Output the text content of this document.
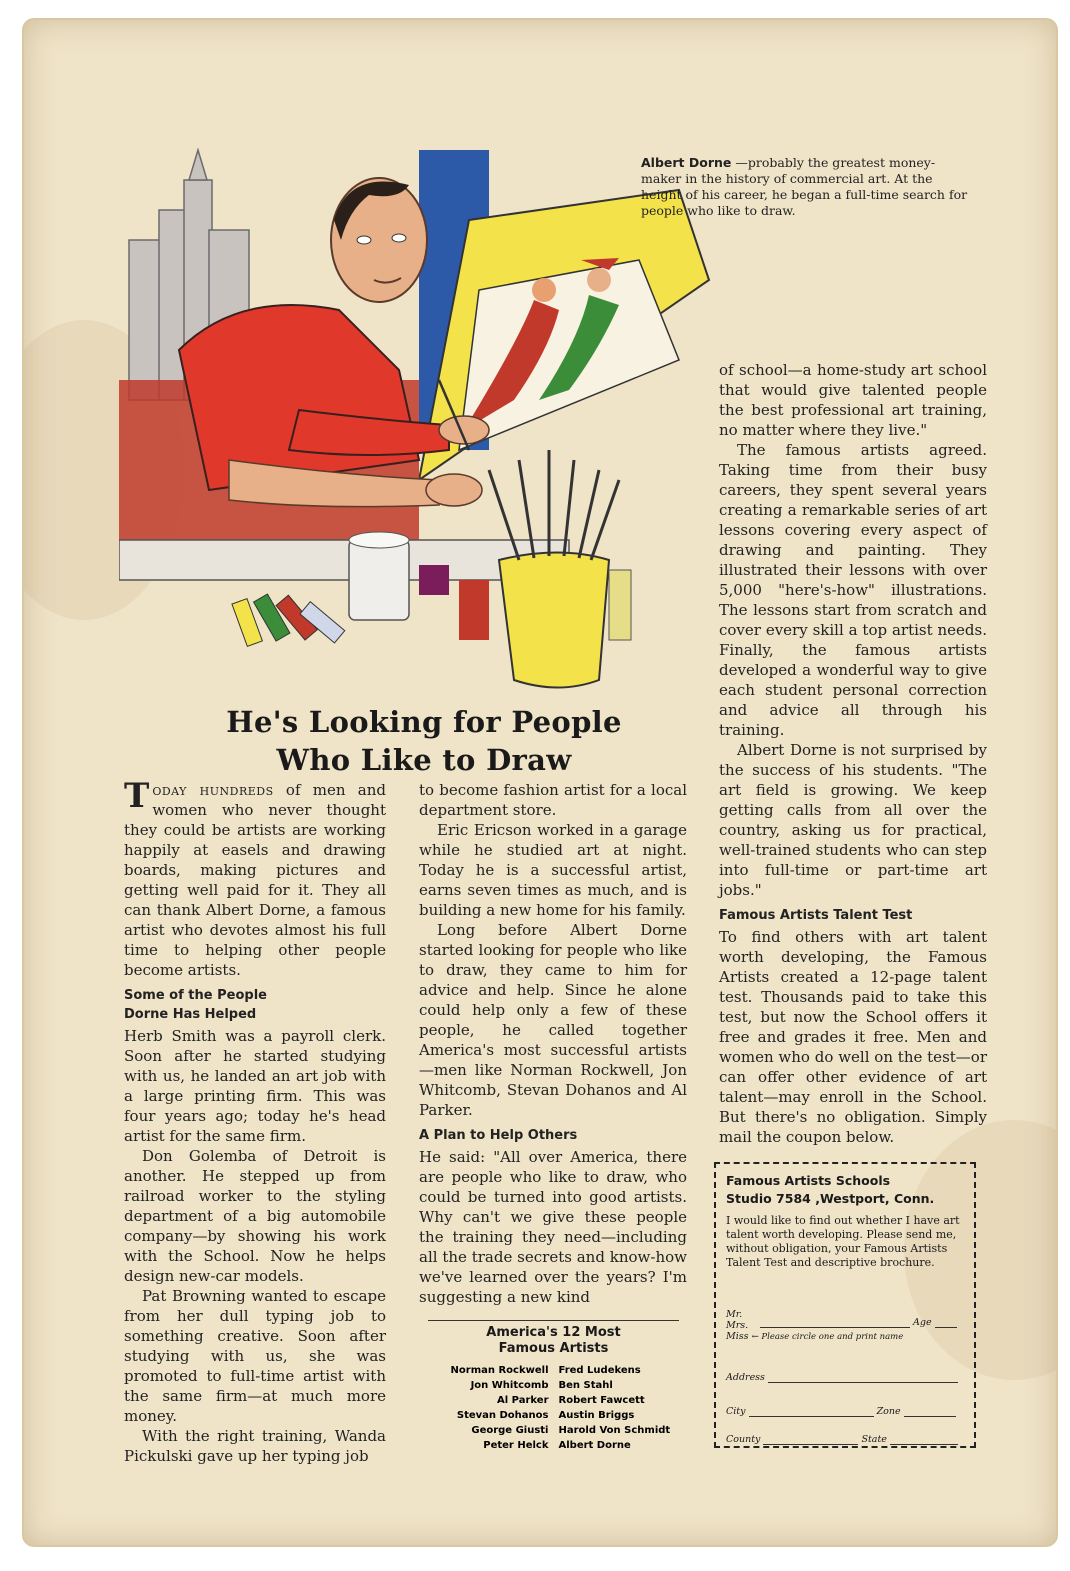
Albert Dorne —probably the greatest money-maker in the history of commercial art. At the height of his career, he began a full-time search for people who like to draw.
He's Looking for People
Who Like to Draw

Today hundreds of men and women who never thought they could be artists are working happily at easels and drawing boards, making pictures and getting well paid for it. They all can thank Albert Dorne, a famous artist who devotes almost his full time to helping other people become artists.

Some of the People
Dorne Has Helped

Herb Smith was a payroll clerk. Soon after he started studying with us, he landed an art job with a large printing firm. This was four years ago; today he's head artist for the same firm.

Don Golemba of Detroit is another. He stepped up from railroad worker to the styling department of a big automobile company—by showing his work with the School. Now he helps design new-car models.

Pat Browning wanted to escape from her dull typing job to something creative. Soon after studying with us, she was promoted to full-time artist with the same firm—at much more money.

With the right training, Wanda Pickulski gave up her typing job

to become fashion artist for a local department store.

Eric Ericson worked in a garage while he studied art at night. Today he is a successful artist, earns seven times as much, and is building a new home for his family.

Long before Albert Dorne started looking for people who like to draw, they came to him for advice and help. Since he alone could help only a few of these people, he called together America's most successful artists —men like Norman Rockwell, Jon Whitcomb, Stevan Dohanos and Al Parker.

A Plan to Help Others

He said: "All over America, there are people who like to draw, who could be turned into good artists. Why can't we give these people the training they need—including all the trade secrets and know-how we've learned over the years? I'm suggesting a new kind

of school—a home-study art school that would give talented people the best professional art training, no matter where they live."

The famous artists agreed. Taking time from their busy careers, they spent several years creating a remarkable series of art lessons covering every aspect of drawing and painting. They illustrated their lessons with over 5,000 "here's-how" illustrations. The lessons start from scratch and cover every skill a top artist needs. Finally, the famous artists developed a wonderful way to give each student personal correction and advice all through his training.

Albert Dorne is not surprised by the success of his students. "The art field is growing. We keep getting calls from all over the country, asking us for practical, well-trained students who can step into full-time or part-time art jobs."

Famous Artists Talent Test

To find others with art talent worth developing, the Famous Artists created a 12-page talent test. Thousands paid to take this test, but now the School offers it free and grades it free. Men and women who do well on the test—or can offer other evidence of art talent—may enroll in the School. But there's no obligation. Simply mail the coupon below.

America's 12 Most
Famous Artists
Norman Rockwell Fred Ludekens
Jon Whitcomb Ben Stahl
Al Parker Robert Fawcett
Stevan Dohanos Austin Briggs
George Giusti Harold Von Schmidt
Peter Helck Albert Dorne
Famous Artists Schools
Studio 7584 ,Westport, Conn.
I would like to find out whether I have art talent worth developing. Please send me, without obligation, your Famous Artists Talent Test and descriptive brochure.
Mr.
Mrs.
Miss ← Please circle one and print name
Age
Address
City	Zone
County	State
